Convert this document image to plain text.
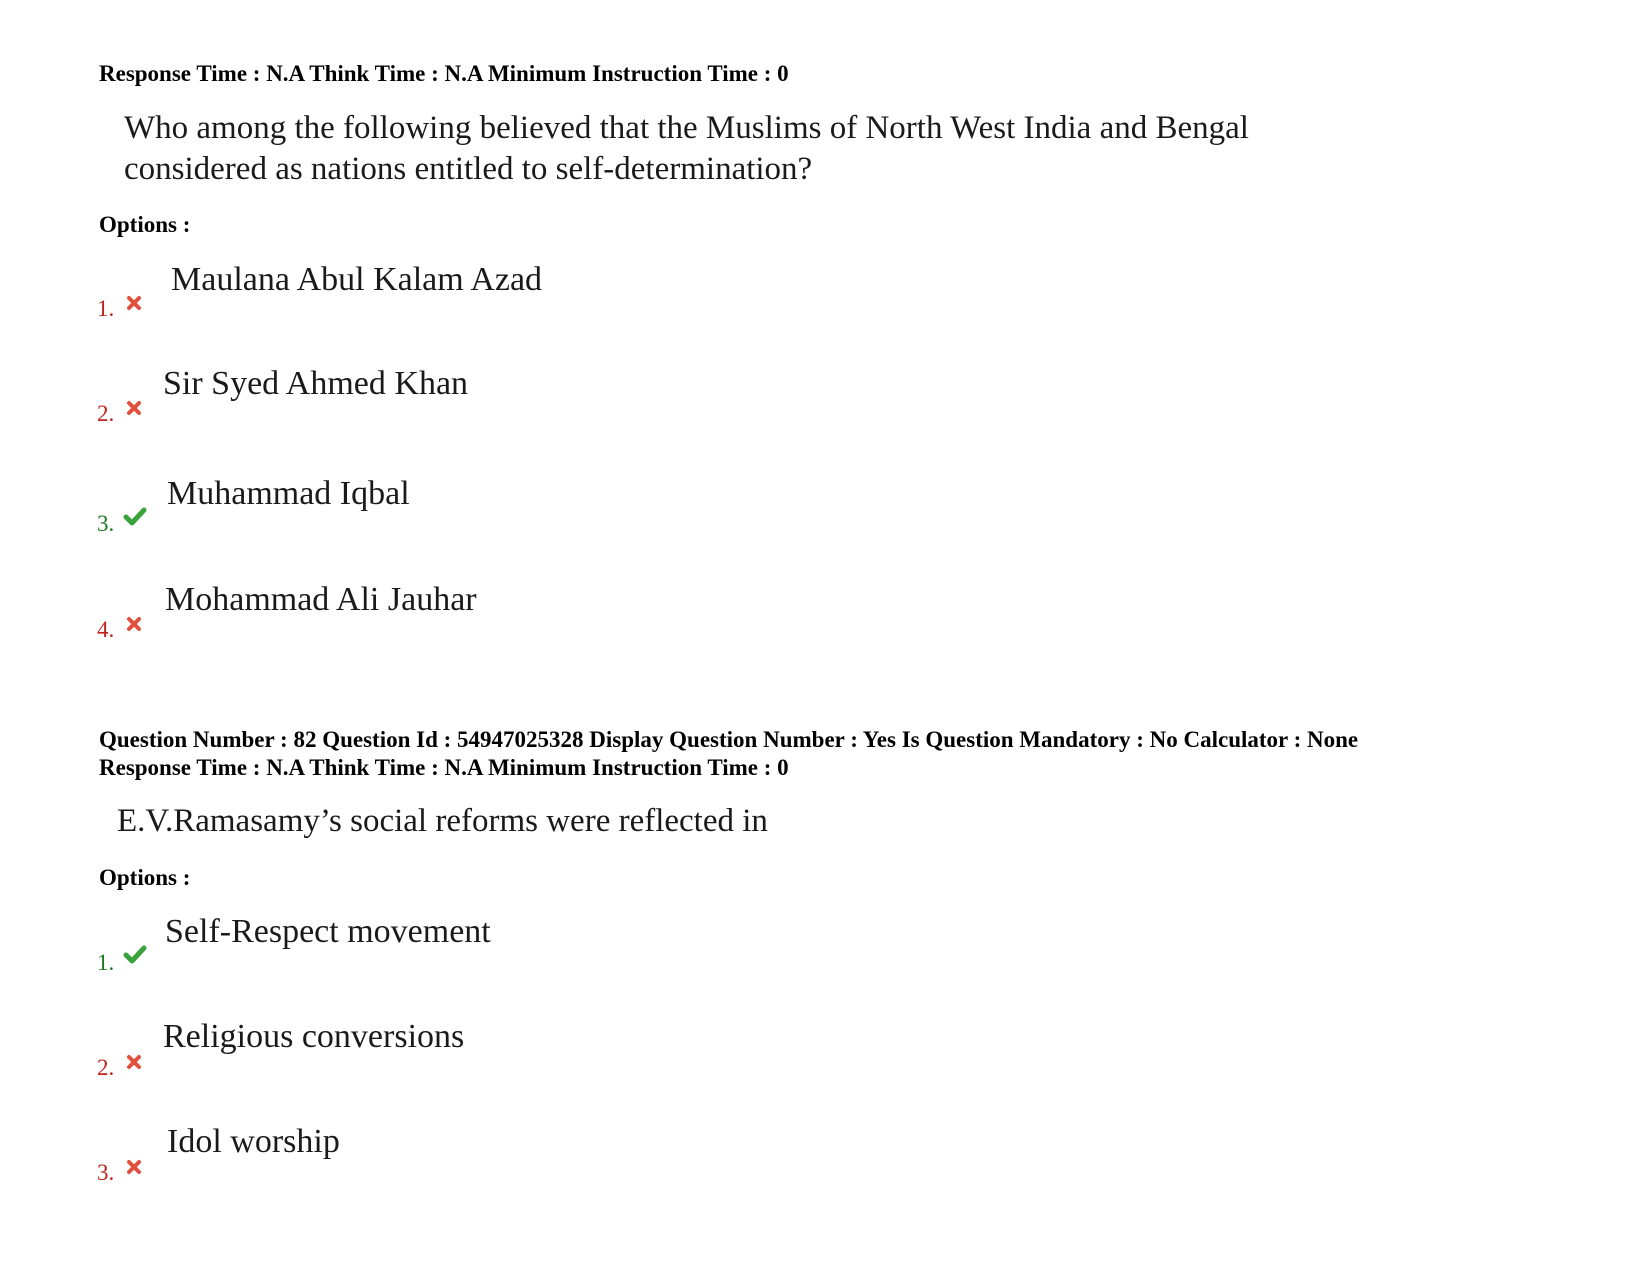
Response Time : N.A Think Time : N.A Minimum Instruction Time : 0
Who among the following believed that the Muslims of North West India and Bengal
considered as nations entitled to self-determination?
Options :
Maulana Abul Kalam Azad
1.
Sir Syed Ahmed Khan
2.
Muhammad Iqbal
3.
Mohammad Ali Jauhar
4.
Question Number : 82 Question Id : 54947025328 Display Question Number : Yes Is Question Mandatory : No Calculator : None
Response Time : N.A Think Time : N.A Minimum Instruction Time : 0
E.V.Ramasamy’s social reforms were reflected in
Options :
Self-Respect movement
1.
Religious conversions
2.
Idol worship
3.
